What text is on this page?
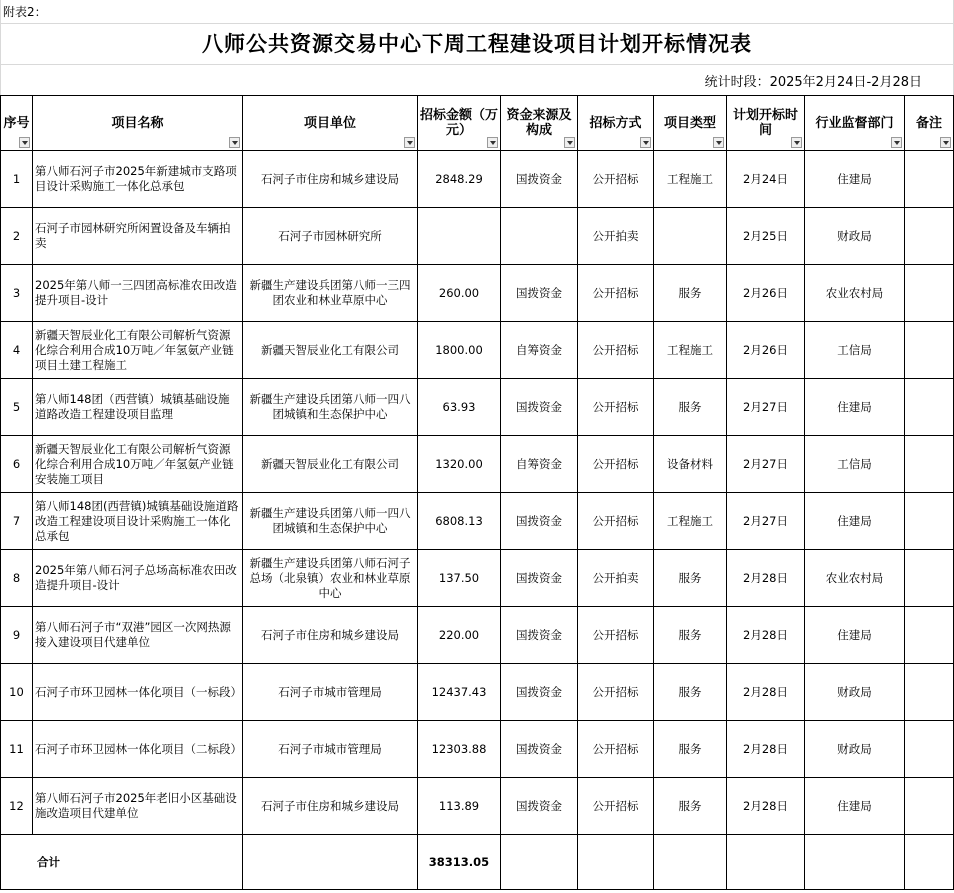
附表2：
八师公共资源交易中心下周工程建设项目计划开标情况表
统计时段：2025年2月24日-2月28日
序号	项目名称	项目单位	招标金额（万元）	资金来源及构成	招标方式	项目类型	计划开标时间	行业监督部门	备注

1	第八师石河子市2025年新建城市支路项目设计采购施工一体化总承包	石河子市住房和城乡建设局	2848.29	国拨资金	公开招标	工程施工	2月24日	住建局	
2	石河子市园林研究所闲置设备及车辆拍卖	石河子市园林研究所			公开拍卖		2月25日	财政局	
3	2025年第八师一三四团高标准农田改造提升项目-设计	新疆生产建设兵团第八师一三四团农业和林业草原中心	260.00	国拨资金	公开招标	服务	2月26日	农业农村局	
4	新疆天智辰业化工有限公司解析气资源化综合利用合成10万吨／年氢氨产业链项目土建工程施工	新疆天智辰业化工有限公司	1800.00	自筹资金	公开招标	工程施工	2月26日	工信局	
5	第八师148团（西营镇）城镇基础设施道路改造工程建设项目监理	新疆生产建设兵团第八师一四八团城镇和生态保护中心	63.93	国拨资金	公开招标	服务	2月27日	住建局	
6	新疆天智辰业化工有限公司解析气资源化综合利用合成10万吨／年氢氨产业链安装施工项目	新疆天智辰业化工有限公司	1320.00	自筹资金	公开招标	设备材料	2月27日	工信局	
7	第八师148团(西营镇)城镇基础设施道路改造工程建设项目设计采购施工一体化总承包	新疆生产建设兵团第八师一四八团城镇和生态保护中心	6808.13	国拨资金	公开招标	工程施工	2月27日	住建局	
8	2025年第八师石河子总场高标准农田改造提升项目-设计	新疆生产建设兵团第八师石河子总场（北泉镇）农业和林业草原中心	137.50	国拨资金	公开拍卖	服务	2月28日	农业农村局	
9	第八师石河子市“双港”园区一次网热源接入建设项目代建单位	石河子市住房和城乡建设局	220.00	国拨资金	公开招标	服务	2月28日	住建局	
10	石河子市环卫园林一体化项目（一标段）	石河子市城市管理局	12437.43	国拨资金	公开招标	服务	2月28日	财政局	
11	石河子市环卫园林一体化项目（二标段）	石河子市城市管理局	12303.88	国拨资金	公开招标	服务	2月28日	财政局	
12	第八师石河子市2025年老旧小区基础设施改造项目代建单位	石河子市住房和城乡建设局	113.89	国拨资金	公开招标	服务	2月28日	住建局	
合计			38313.05						
